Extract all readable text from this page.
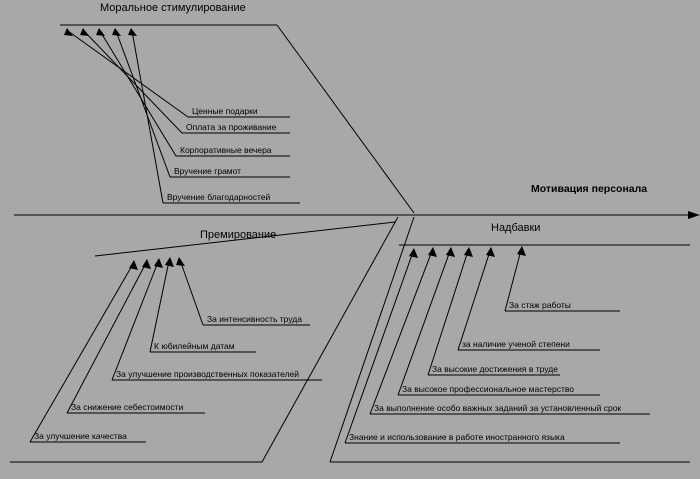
Моральное стимулирование
Премирование
Надбавки
Мотивация персонала
Ценные подарки
Оплата за проживание
Корпоративные вечера
Вручение грамот
Вручение благодарностей
За интенсивность труда
К юбилейным датам
За улучшение производственных показателей
За снижение себестоимости
За улучшение качества
За стаж работы
за наличие ученой степени
За высокие достижения в труде
За высокое профессиональное мастерство
За выполнение особо важных заданий за установленный срок
Знание и использование в работе иностранного языка
